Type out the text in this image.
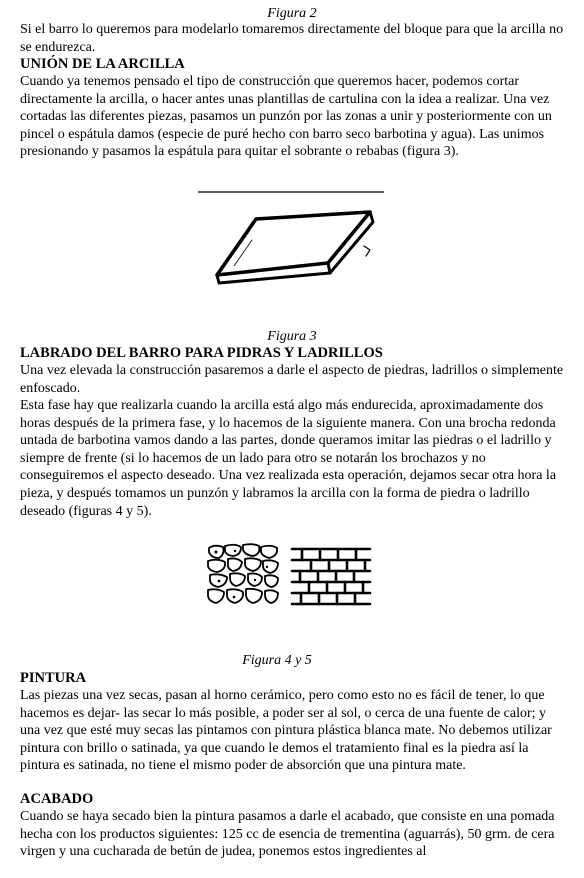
Figura 2

Si el barro lo queremos para modelarlo tomaremos directamente del bloque para que la arcilla no se endurezca.

UNIÓN DE LA ARCILLA

Cuando ya tenemos pensado el tipo de construcción que queremos hacer, podemos cortar directamente la arcilla, o hacer antes unas plantillas de cartulina con la idea a realizar. Una vez cortadas las diferentes piezas, pasamos un punzón por las zonas a unir y posteriormente con un pincel o espátula damos (especie de puré hecho con barro seco barbotina y agua). Las unimos presionando y pasamos la espátula para quitar el sobrante o rebabas (figura 3).

Figura 3
LABRADO DEL BARRO PARA PIDRAS Y LADRILLOS

Una vez elevada la construcción pasaremos a darle el aspecto de piedras, ladrillos o simplemente enfoscado.

Esta fase hay que realizarla cuando la arcilla está algo más endurecida, aproximadamente dos horas después de la primera fase, y lo hacemos de la siguiente manera. Con una brocha redonda untada de barbotina vamos dando a las partes, donde queramos imitar las piedras o el ladrillo y siempre de frente (si lo hacemos de un lado para otro se notarán los brochazos y no conseguiremos el aspecto deseado. Una vez realizada esta operación, dejamos secar otra hora la pieza, y después tomamos un punzón y labramos la arcilla con la forma de piedra o ladrillo deseado (figuras 4 y 5).

Figura 4 y 5
PINTURA

Las piezas una vez secas, pasan al horno cerámico, pero como esto no es fácil de tener, lo que hacemos es dejar- las secar lo más posible, a poder ser al sol, o cerca de una fuente de calor; y una vez que esté muy secas las pintamos con pintura plástica blanca mate. No debemos utilizar pintura con brillo o satinada, ya que cuando le demos el tratamiento final es la piedra así la pintura es satinada, no tiene el mismo poder de absorción que una pintura mate.

ACABADO

Cuando se haya secado bien la pintura pasamos a darle el acabado, que consiste en una pomada hecha con los productos siguientes: 125 cc de esencia de trementina (aguarrás), 50 grm. de cera virgen y una cucharada de betún de judea, ponemos estos ingredientes al
